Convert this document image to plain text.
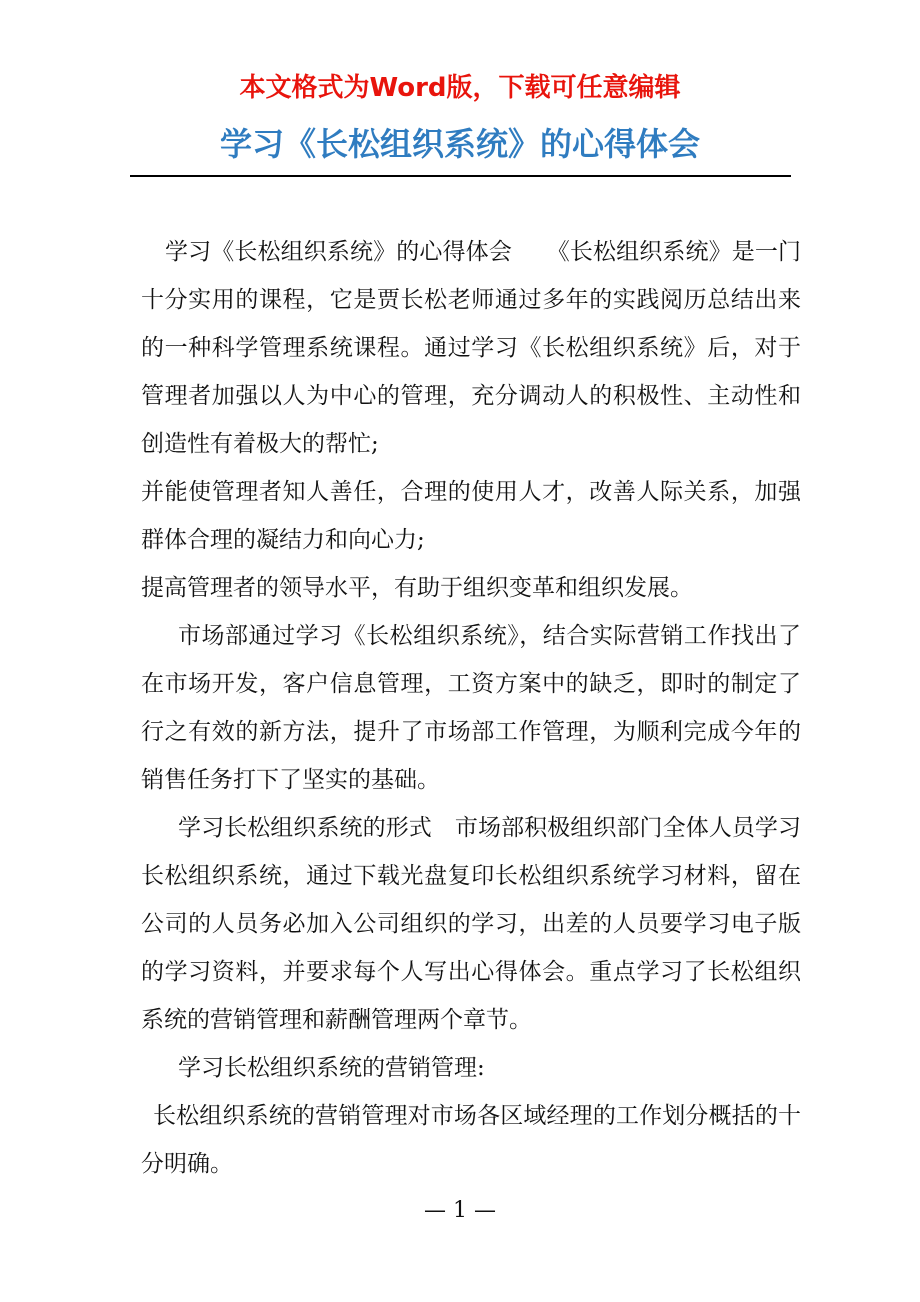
本文格式为Word版，下载可任意编辑
学习《长松组织系统》的心得体会

学习《长松组织系统》的心得体会　　《长松组织系统》是一门十分实用的课程，它是贾长松老师通过多年的实践阅历总结出来的一种科学管理系统课程。通过学习《长松组织系统》后，对于管理者加强以人为中心的管理，充分调动人的积极性、主动性和创造性有着极大的帮忙;

并能使管理者知人善任，合理的使用人才，改善人际关系，加强群体合理的凝结力和向心力;

提高管理者的领导水平，有助于组织变革和组织发展。

市场部通过学习《长松组织系统》，结合实际营销工作找出了在市场开发，客户信息管理，工资方案中的缺乏，即时的制定了行之有效的新方法，提升了市场部工作管理，为顺利完成今年的销售任务打下了坚实的基础。

学习长松组织系统的形式　市场部积极组织部门全体人员学习长松组织系统，通过下载光盘复印长松组织系统学习材料，留在公司的人员务必加入公司组织的学习，出差的人员要学习电子版的学习资料，并要求每个人写出心得体会。重点学习了长松组织系统的营销管理和薪酬管理两个章节。

学习长松组织系统的营销管理:

长松组织系统的营销管理对市场各区域经理的工作划分概括的十分明确。

— 1 —
